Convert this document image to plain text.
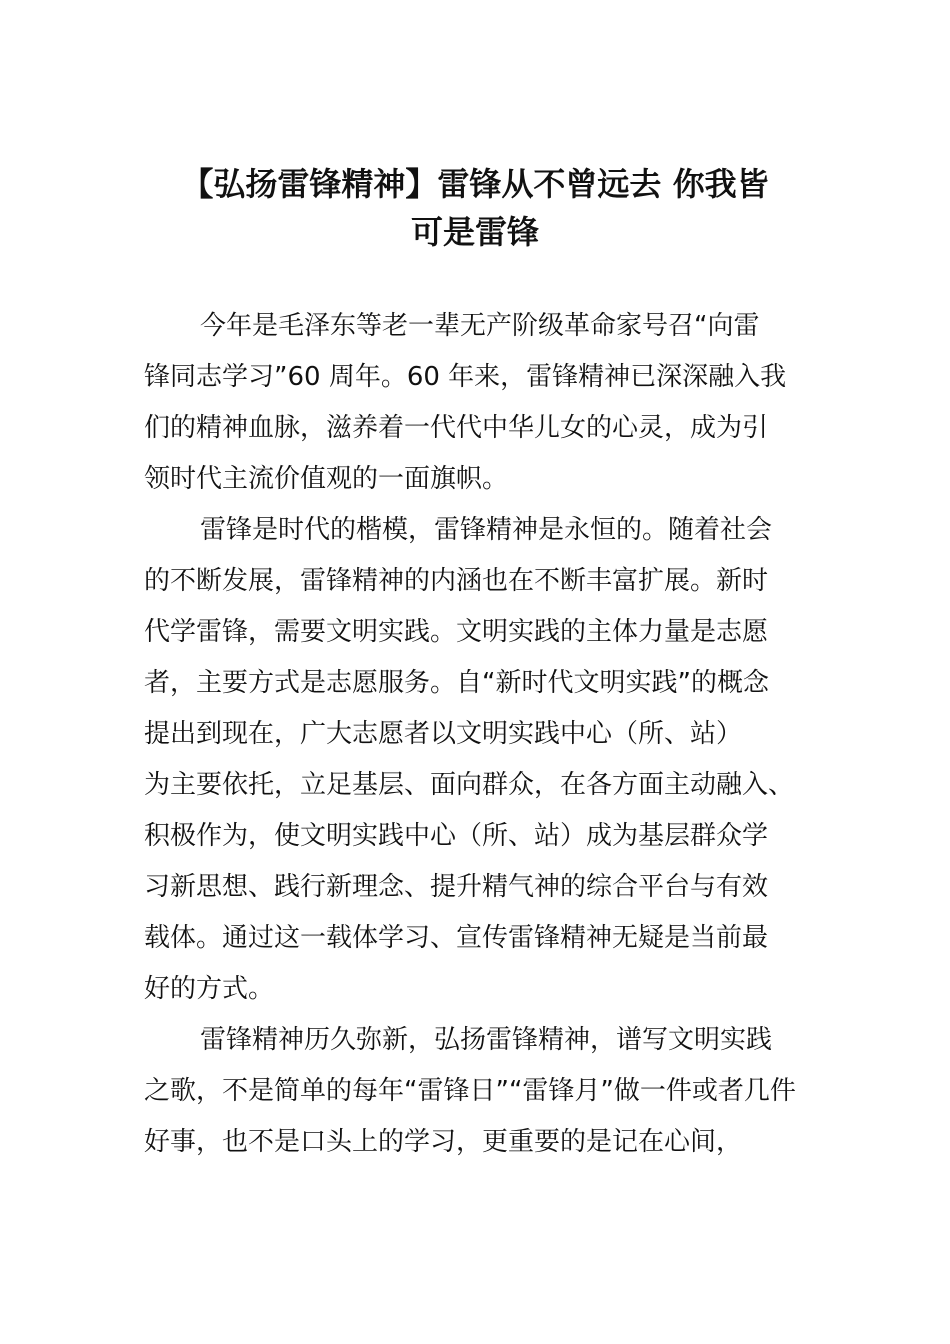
【弘扬雷锋精神】雷锋从不曾远去 你我皆
可是雷锋
今年是毛泽东等老一辈无产阶级革命家号召“向雷
锋同志学习”60 周年。60 年来，雷锋精神已深深融入我
们的精神血脉，滋养着一代代中华儿女的心灵，成为引
领时代主流价值观的一面旗帜。
雷锋是时代的楷模，雷锋精神是永恒的。随着社会
的不断发展，雷锋精神的内涵也在不断丰富扩展。新时
代学雷锋，需要文明实践。文明实践的主体力量是志愿
者，主要方式是志愿服务。自“新时代文明实践”的概念
提出到现在，广大志愿者以文明实践中心（所、站）
为主要依托，立足基层、面向群众，在各方面主动融入、
积极作为，使文明实践中心（所、站）成为基层群众学
习新思想、践行新理念、提升精气神的综合平台与有效
载体。通过这一载体学习、宣传雷锋精神无疑是当前最
好的方式。
雷锋精神历久弥新，弘扬雷锋精神，谱写文明实践
之歌，不是简单的每年“雷锋日”“雷锋月”做一件或者几件
好事，也不是口头上的学习，更重要的是记在心间，
